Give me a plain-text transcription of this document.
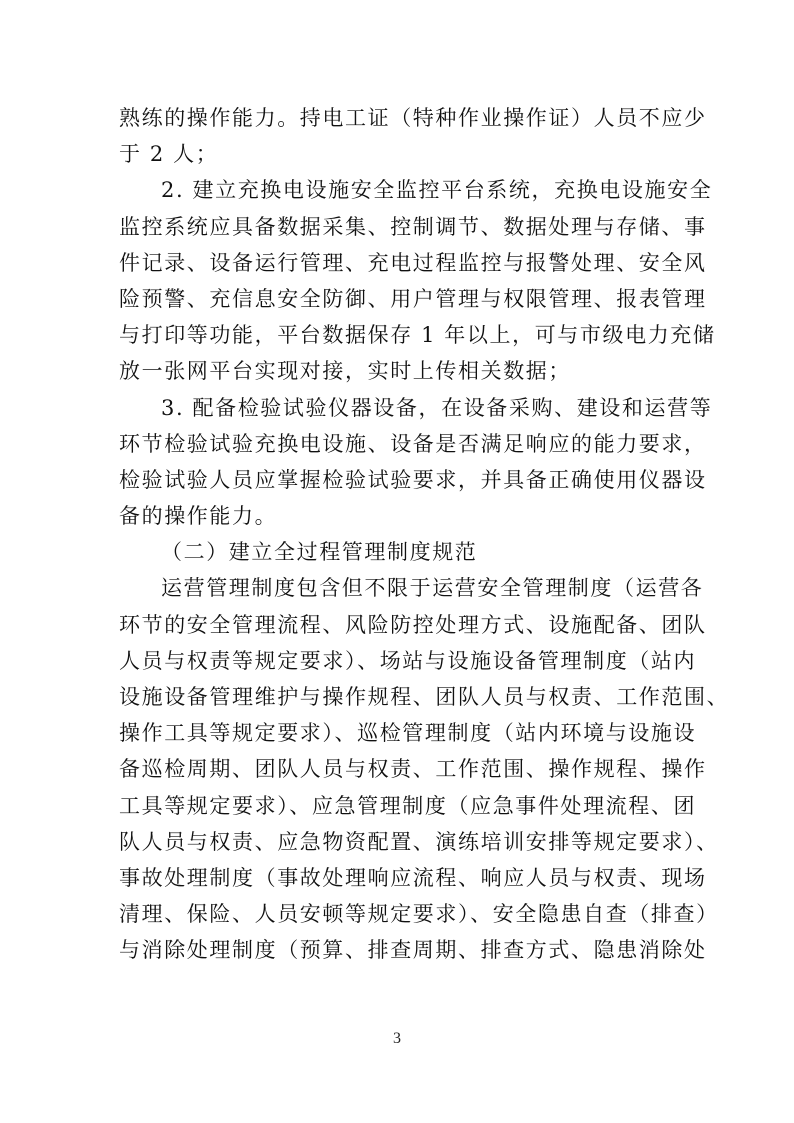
熟练的操作能力。持电工证（特种作业操作证）人员不应少
于 2 人；
2. 建立充换电设施安全监控平台系统，充换电设施安全
监控系统应具备数据采集、控制调节、数据处理与存储、事
件记录、设备运行管理、充电过程监控与报警处理、安全风
险预警、充信息安全防御、用户管理与权限管理、报表管理
与打印等功能，平台数据保存 1 年以上，可与市级电力充储
放一张网平台实现对接，实时上传相关数据；
3. 配备检验试验仪器设备，在设备采购、建设和运营等
环节检验试验充换电设施、设备是否满足响应的能力要求，
检验试验人员应掌握检验试验要求，并具备正确使用仪器设
备的操作能力。
（二）建立全过程管理制度规范
运营管理制度包含但不限于运营安全管理制度（运营各
环节的安全管理流程、风险防控处理方式、设施配备、团队
人员与权责等规定要求）、场站与设施设备管理制度（站内
设施设备管理维护与操作规程、团队人员与权责、工作范围、
操作工具等规定要求）、巡检管理制度（站内环境与设施设
备巡检周期、团队人员与权责、工作范围、操作规程、操作
工具等规定要求）、应急管理制度（应急事件处理流程、团
队人员与权责、应急物资配置、演练培训安排等规定要求）、
事故处理制度（事故处理响应流程、响应人员与权责、现场
清理、保险、人员安顿等规定要求）、安全隐患自查（排查）
与消除处理制度（预算、排查周期、排查方式、隐患消除处
3
